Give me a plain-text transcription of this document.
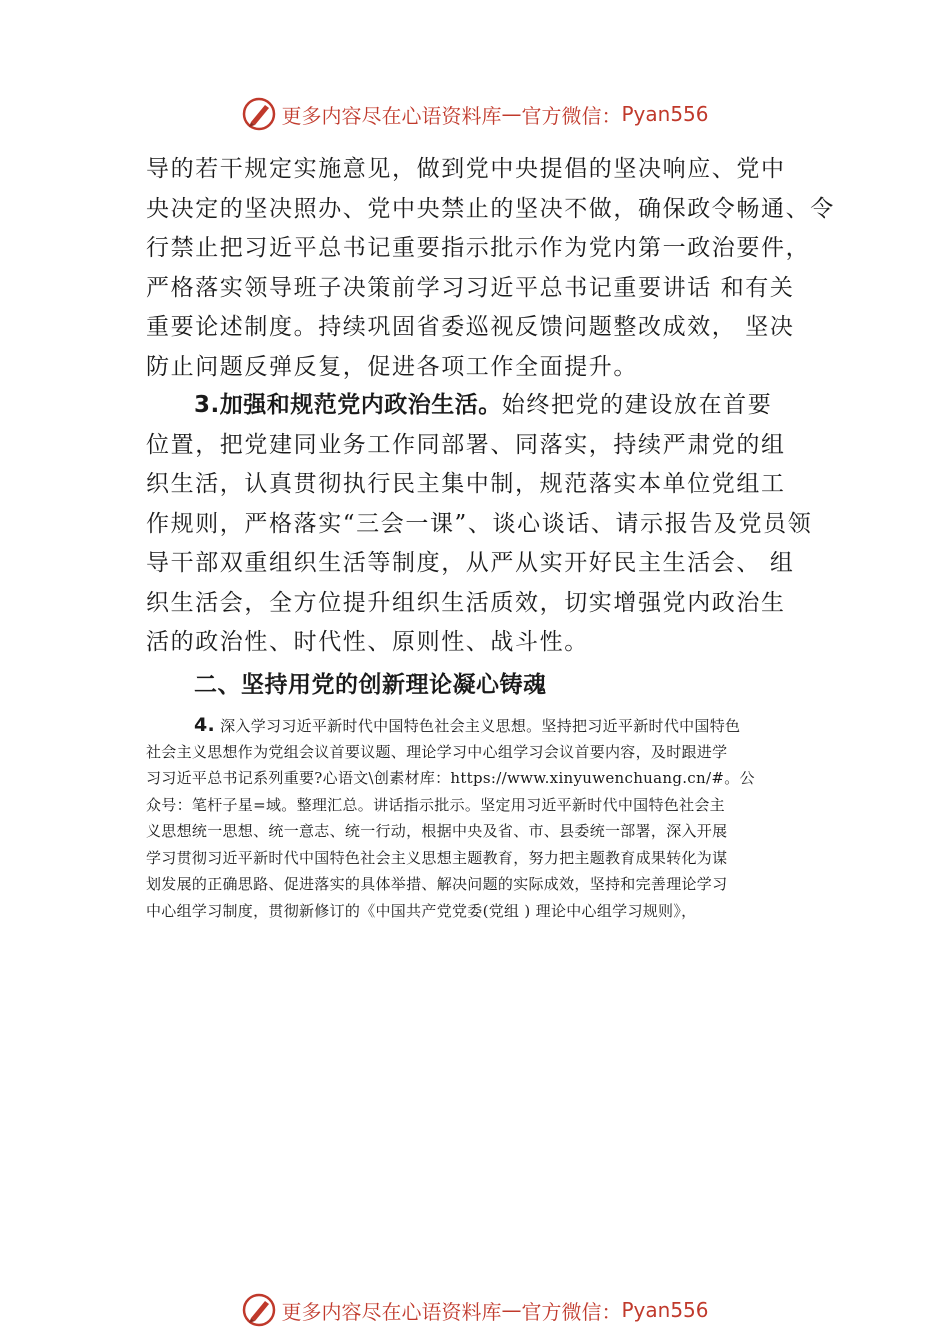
更多内容尽在心语资料库 — 官方微信： Pyan556
导的若干规定实施意见，做到党中央提倡的坚决响应、党中
央决定的坚决照办、党中央禁止的坚决不做，确保政令畅通、令
行禁止把习近平总书记重要指示批示作为党内第一政治要件，
严格落实领导班子决策前学习习近平总书记重要讲话 和有关
重要论述制度。持续巩固省委巡视反馈问题整改成效， 坚决
防止问题反弹反复，促进各项工作全面提升。
3.加强和规范党内政治生活。始终把党的建设放在首要
位置，把党建同业务工作同部署、同落实，持续严肃党的组
织生活，认真贯彻执行民主集中制，规范落实本单位党组工
作规则，严格落实“三会一课”、谈心谈话、请示报告及党员领
导干部双重组织生活等制度，从严从实开好民主生活会、 组
织生活会，全方位提升组织生活质效，切实增强党内政治生
活的政治性、时代性、原则性、战斗性。
二、坚持用党的创新理论凝心铸魂
4. 深入学习习近平新时代中国特色社会主义思想。坚持把习近平新时代中国特色
社会主义思想作为党组会议首要议题、理论学习中心组学习会议首要内容，及时跟进学
习习近平总书记系列重要?心语文\创素材库：https://www.xinyuwenchuang.cn/#。公
众号：笔杆子星=域。整理汇总。讲话指示批示。坚定用习近平新时代中国特色社会主
义思想统一思想、统一意志、统一行动，根据中央及省、市、县委统一部署，深入开展
学习贯彻习近平新时代中国特色社会主义思想主题教育，努力把主题教育成果转化为谋
划发展的正确思路、促进落实的具体举措、解决问题的实际成效，坚持和完善理论学习
中心组学习制度，贯彻新修订的《中国共产党党委(党组 ) 理论中心组学习规则》，
更多内容尽在心语资料库 — 官方微信： Pyan556
